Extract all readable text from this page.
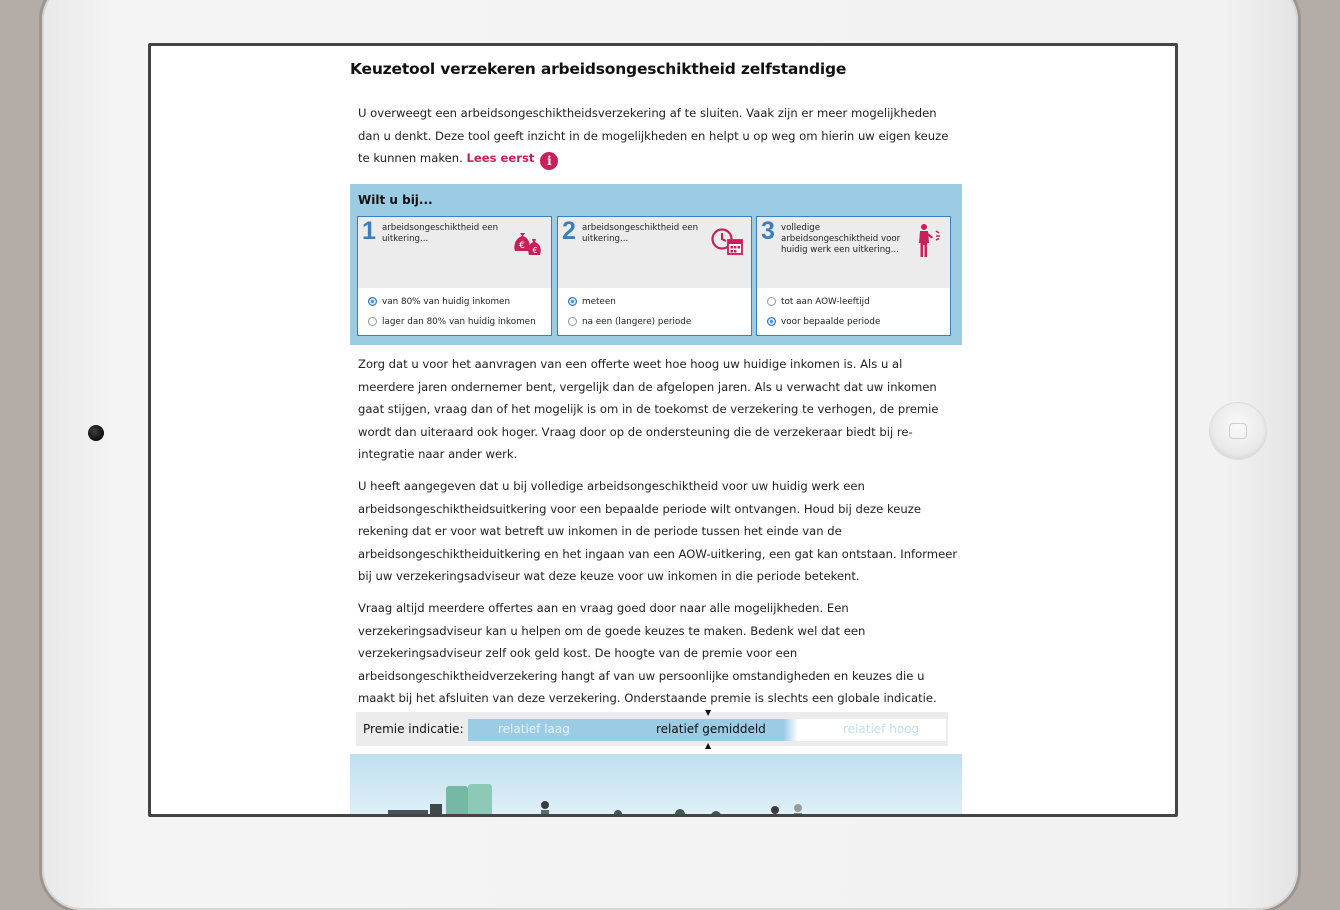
Keuzetool verzekeren arbeidsongeschiktheid zelfstandige
U overweegt een arbeidsongeschiktheidsverzekering af te sluiten. Vaak zijn er meer mogelijkheden dan u denkt. Deze tool geeft inzicht in de mogelijkheden en helpt u op weg om hierin uw eigen keuze te kunnen maken. Lees eerst i
Wilt u bij...
1 arbeidsongeschiktheid een uitkering...
€ €
van 80% van huidig inkomen
lager dan 80% van huidig inkomen
2 arbeidsongeschiktheid een uitkering...
meteen
na een (langere) periode
3 volledige arbeidsongeschiktheid voor huidig werk een uitkering...
tot aan AOW-leeftijd
voor bepaalde periode
Zorg dat u voor het aanvragen van een offerte weet hoe hoog uw huidige inkomen is. Als u al meerdere jaren ondernemer bent, vergelijk dan de afgelopen jaren. Als u verwacht dat uw inkomen gaat stijgen, vraag dan of het mogelijk is om in de toekomst de verzekering te verhogen, de premie wordt dan uiteraard ook hoger. Vraag door op de ondersteuning die de verzekeraar biedt bij re-integratie naar ander werk.
U heeft aangegeven dat u bij volledige arbeidsongeschiktheid voor uw huidig werk een arbeidsongeschiktheidsuitkering voor een bepaalde periode wilt ontvangen. Houd bij deze keuze rekening dat er voor wat betreft uw inkomen in de periode tussen het einde van de arbeidsongeschiktheiduitkering en het ingaan van een AOW-uitkering, een gat kan ontstaan. Informeer bij uw verzekeringsadviseur wat deze keuze voor uw inkomen in die periode betekent.
Vraag altijd meerdere offertes aan en vraag goed door naar alle mogelijkheden. Een verzekeringsadviseur kan u helpen om de goede keuzes te maken. Bedenk wel dat een verzekeringsadviseur zelf ook geld kost. De hoogte van de premie voor een arbeidsongeschiktheidverzekering hangt af van uw persoonlijke omstandigheden en keuzes die u maakt bij het afsluiten van deze verzekering. Onderstaande premie is slechts een globale indicatie.
Premie indicatie:	relatief laag	relatief gemiddeld	relatief hoog
▼
▲
